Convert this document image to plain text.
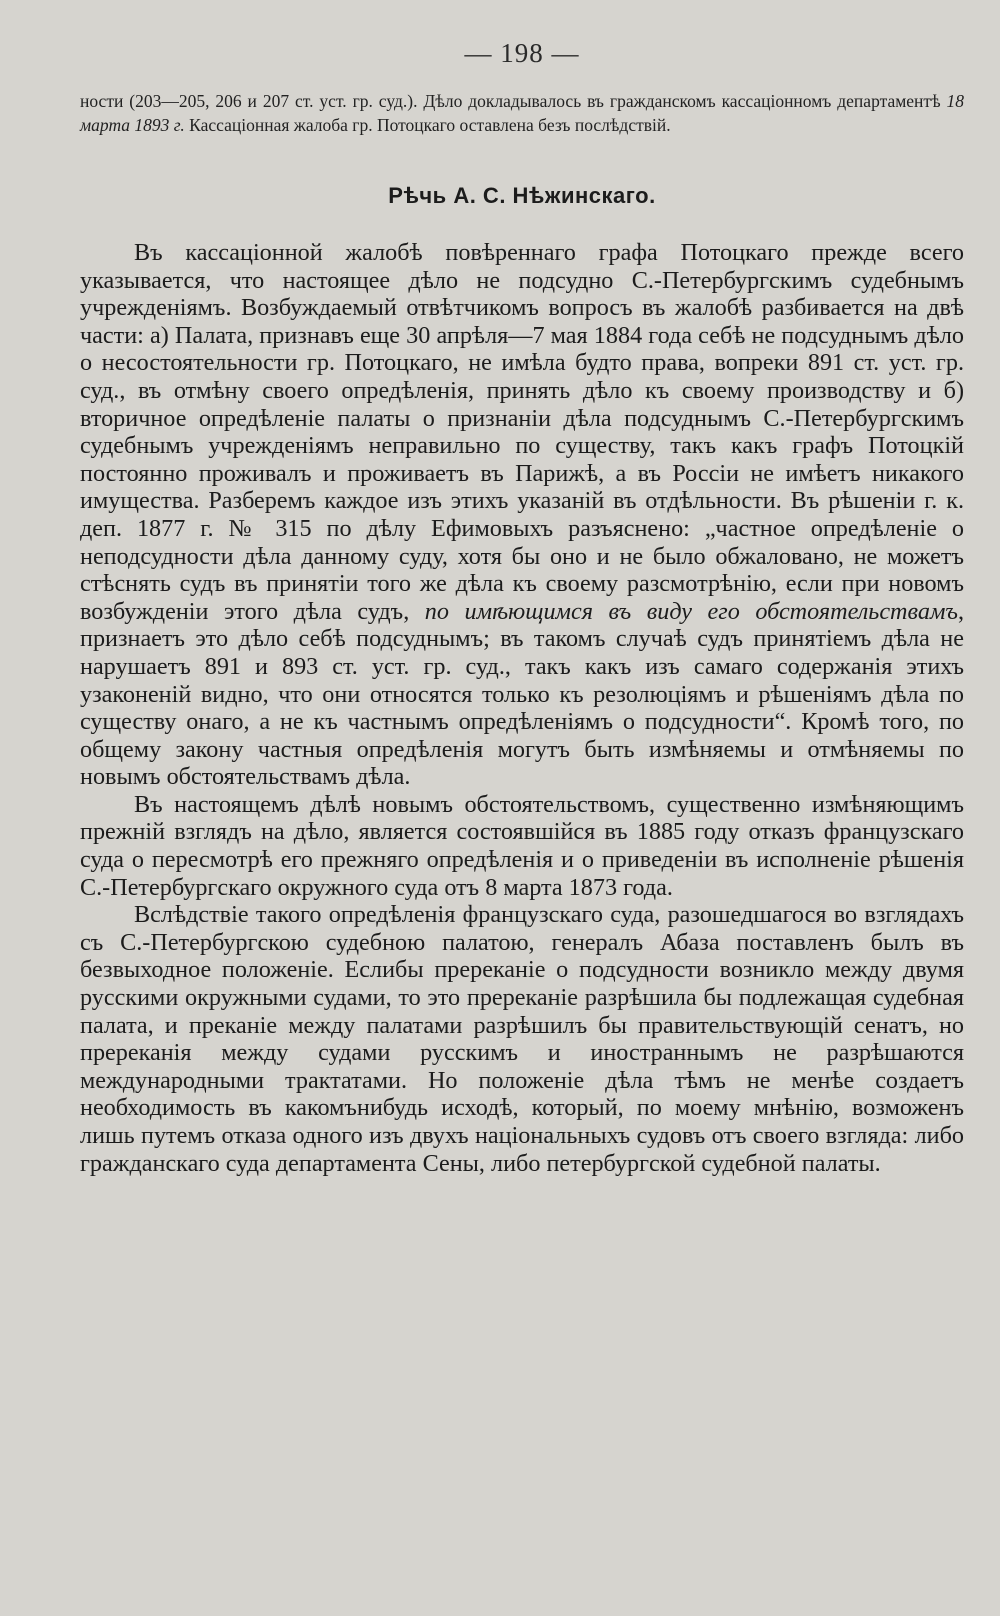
— 198 —

ности (203—205, 206 и 207 ст. уст. гр. суд.). Дѣло докладывалось въ гражданскомъ кассаціонномъ департаментѣ 18 марта 1893 г. Кассаціонная жалоба гр. Потоцкаго оставлена безъ послѣдствій.

Рѣчь А. С. Нѣжинскаго.

Въ кассаціонной жалобѣ повѣреннаго графа Потоцкаго прежде всего указывается, что настоящее дѣло не подсудно С.-Петербургскимъ судебнымъ учрежденіямъ. Возбуждаемый отвѣтчикомъ вопросъ въ жалобѣ разбивается на двѣ части: а) Палата, признавъ еще 30 апрѣля—7 мая 1884 года себѣ не подсуднымъ дѣло о несостоятельности гр. Потоцкаго, не имѣла будто права, вопреки 891 ст. уст. гр. суд., въ отмѣну своего опредѣленія, принять дѣло къ своему производству и б) вторичное опредѣленіе палаты о признаніи дѣла подсуднымъ С.-Петербургскимъ судебнымъ учрежденіямъ неправильно по существу, такъ какъ графъ Потоцкій постоянно проживалъ и проживаетъ въ Парижѣ, а въ Россіи не имѣетъ никакого имущества. Разберемъ каждое изъ этихъ указаній въ отдѣльности. Въ рѣшеніи г. к. деп. 1877 г. № 315 по дѣлу Ефимовыхъ разъяснено: „частное опредѣленіе о неподсудности дѣла данному суду, хотя бы оно и не было обжаловано, не можетъ стѣснять судъ въ принятіи того же дѣла къ своему разсмотрѣнію, если при новомъ возбужденіи этого дѣла судъ, по имѣющимся въ виду его обстоятельствамъ, признаетъ это дѣло себѣ подсуднымъ; въ такомъ случаѣ судъ принятіемъ дѣла не нарушаетъ 891 и 893 ст. уст. гр. суд., такъ какъ изъ самаго содержанія этихъ узаконеній видно, что они относятся только къ резолюціямъ и рѣшеніямъ дѣла по существу онаго, а не къ частнымъ опредѣленіямъ о подсудности“. Кромѣ того, по общему закону частныя опредѣленія могутъ быть измѣняемы и отмѣняемы по новымъ обстоятельствамъ дѣла.

Въ настоящемъ дѣлѣ новымъ обстоятельствомъ, существенно измѣняющимъ прежній взглядъ на дѣло, является состоявшійся въ 1885 году отказъ французскаго суда о пересмотрѣ его прежняго опредѣленія и о приведеніи въ исполненіе рѣшенія С.-Петербургскаго окружного суда отъ 8 марта 1873 года.

Вслѣдствіе такого опредѣленія французскаго суда, разошедшагося во взглядахъ съ С.-Петербургскою судебною палатою, генералъ Абаза поставленъ былъ въ безвыходное положеніе. Еслибы пререканіе о подсудности возникло между двумя русскими окружными судами, то это пререканіе разрѣшила бы подлежащая судебная палата, и преканіе между палатами разрѣшилъ бы правительствующій сенатъ, но пререканія между судами русскимъ и иностраннымъ не разрѣшаются международными трактатами. Но положеніе дѣла тѣмъ не менѣе создаетъ необходимость въ какомънибудь исходѣ, который, по моему мнѣнію, возможенъ лишь путемъ отказа одного изъ двухъ національныхъ судовъ отъ своего взгляда: либо гражданскаго суда департамента Сены, либо петербургской судебной палаты.
